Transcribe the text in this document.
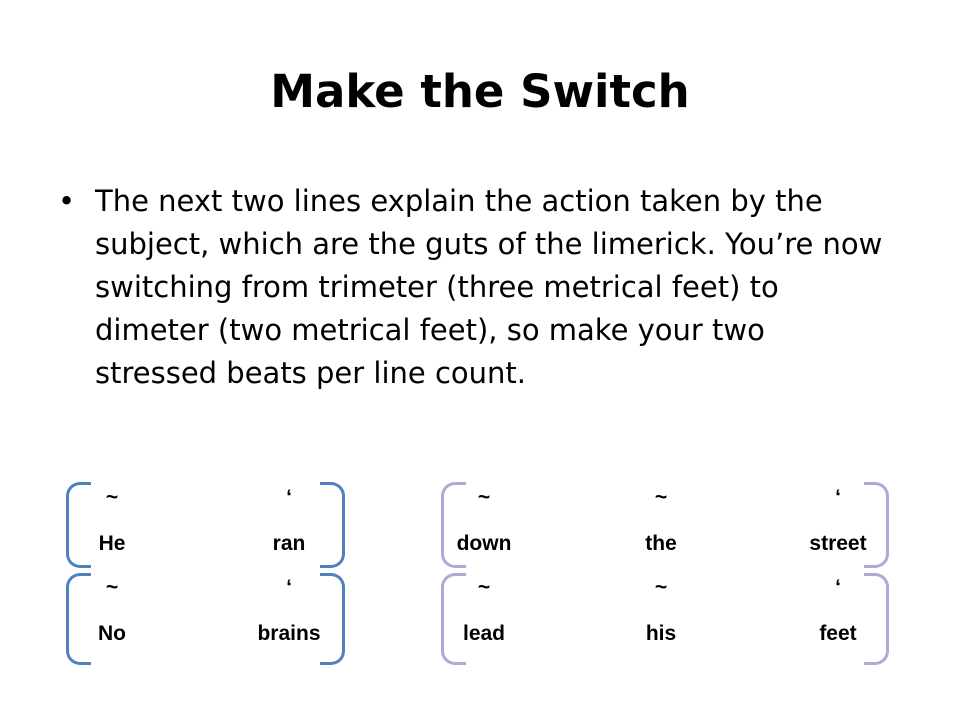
Make the Switch
• The next two lines explain the action taken by the subject, which are the guts of the limerick. You’re now switching from trimeter (three metrical feet) to dimeter (two metrical feet), so make your two stressed beats per line count.
~	‘	~	~	‘
He	ran	down	the	street
~	‘	~	~	‘
No	brains	lead	his	feet
